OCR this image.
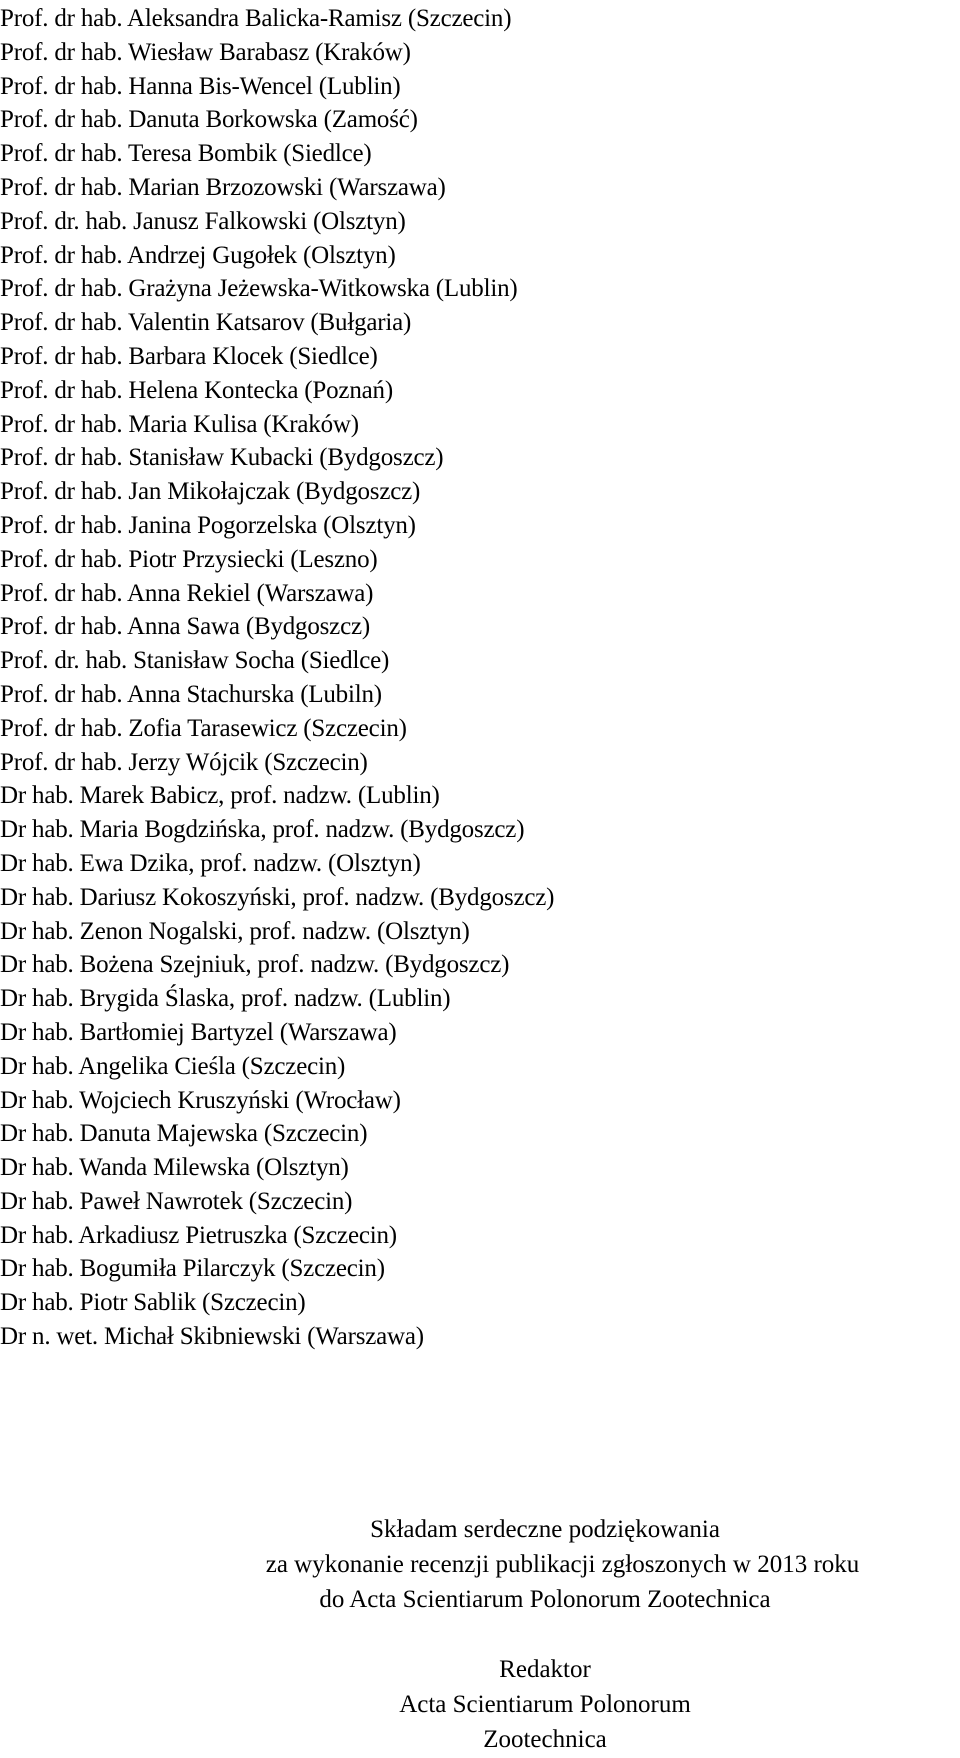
Prof. dr hab. Aleksandra Balicka-Ramisz (Szczecin)
Prof. dr hab. Wiesław Barabasz (Kraków)
Prof. dr hab. Hanna Bis-Wencel (Lublin)
Prof. dr hab. Danuta Borkowska (Zamość)
Prof. dr hab. Teresa Bombik (Siedlce)
Prof. dr hab. Marian Brzozowski (Warszawa)
Prof. dr. hab. Janusz Falkowski (Olsztyn)
Prof. dr hab. Andrzej Gugołek (Olsztyn)
Prof. dr hab. Grażyna Jeżewska-Witkowska (Lublin)
Prof. dr hab. Valentin Katsarov (Bułgaria)
Prof. dr hab. Barbara Klocek (Siedlce)
Prof. dr hab. Helena Kontecka (Poznań)
Prof. dr hab. Maria Kulisa (Kraków)
Prof. dr hab. Stanisław Kubacki (Bydgoszcz)
Prof. dr hab. Jan Mikołajczak (Bydgoszcz)
Prof. dr hab. Janina Pogorzelska (Olsztyn)
Prof. dr hab. Piotr Przysiecki (Leszno)
Prof. dr hab. Anna Rekiel (Warszawa)
Prof. dr hab. Anna Sawa (Bydgoszcz)
Prof. dr. hab. Stanisław Socha (Siedlce)
Prof. dr hab. Anna Stachurska (Lubiln)
Prof. dr hab. Zofia Tarasewicz (Szczecin)
Prof. dr hab. Jerzy Wójcik (Szczecin)
Dr hab. Marek Babicz, prof. nadzw. (Lublin)
Dr hab. Maria Bogdzińska, prof. nadzw. (Bydgoszcz)
Dr hab. Ewa Dzika, prof. nadzw. (Olsztyn)
Dr hab. Dariusz Kokoszyński, prof. nadzw. (Bydgoszcz)
Dr hab. Zenon Nogalski, prof. nadzw. (Olsztyn)
Dr hab. Bożena Szejniuk, prof. nadzw. (Bydgoszcz)
Dr hab. Brygida Ślaska, prof. nadzw. (Lublin)
Dr hab. Bartłomiej Bartyzel (Warszawa)
Dr hab. Angelika Cieśla (Szczecin)
Dr hab. Wojciech Kruszyński (Wrocław)
Dr hab. Danuta Majewska (Szczecin)
Dr hab. Wanda Milewska (Olsztyn)
Dr hab. Paweł Nawrotek (Szczecin)
Dr hab. Arkadiusz Pietruszka (Szczecin)
Dr hab. Bogumiła Pilarczyk (Szczecin)
Dr hab. Piotr Sablik (Szczecin)
Dr n. wet. Michał Skibniewski (Warszawa)
Składam serdeczne podziękowania
za wykonanie recenzji publikacji zgłoszonych w 2013 roku
do Acta Scientiarum Polonorum Zootechnica
Redaktor
Acta Scientiarum Polonorum
Zootechnica
